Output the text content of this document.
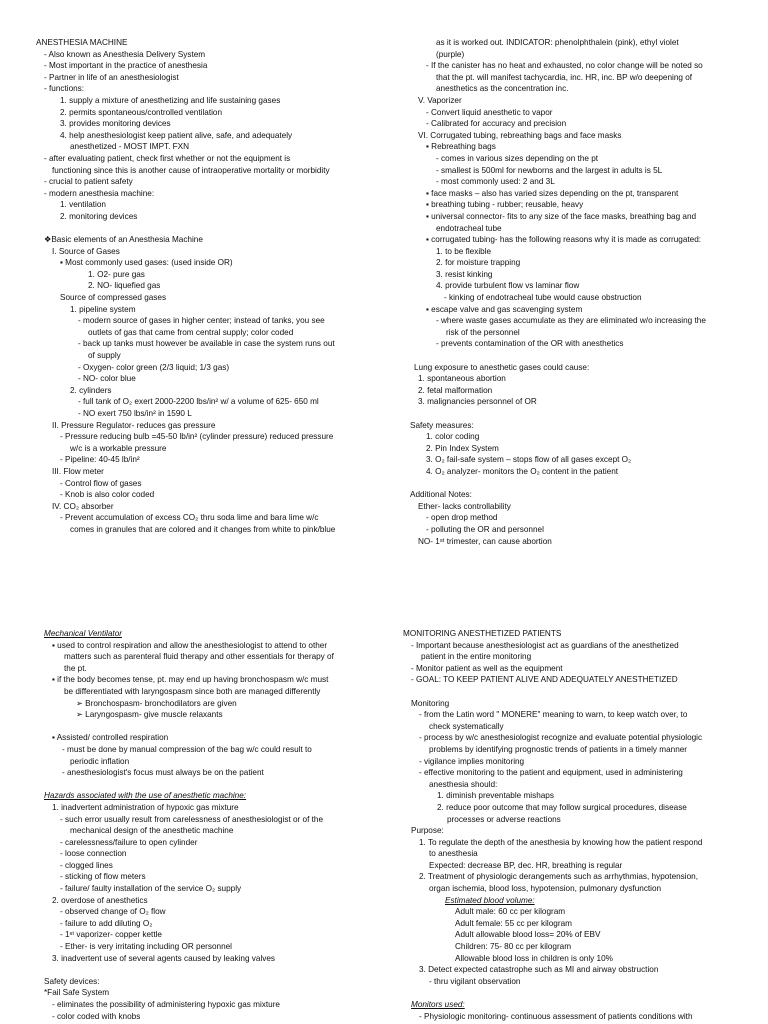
ANESTHESIA MACHINE
- Also known as Anesthesia Delivery System
- Most important in the practice of anesthesia
- Partner in life of an anesthesiologist
- functions:
1. supply a mixture of anesthetizing and life sustaining gases
2. permits spontaneous/controlled ventilation
3. provides monitoring devices
4. help anesthesiologist keep patient alive, safe, and adequately
anesthetized - MOST IMPT. FXN
- after evaluating patient, check first whether or not the equipment is
functioning since this is another cause of intraoperative mortality or morbidity
- crucial to patient safety
- modern anesthesia machine:
1. ventilation
2. monitoring devices

❖Basic elements of an Anesthesia Machine
I. Source of Gases
▪ Most commonly used gases: (used inside OR)
1. O2- pure gas
2. NO- liquefied gas
Source of compressed gases
1. pipeline system
- modern source of gases in higher center; instead of tanks, you see
outlets of gas that came from central supply; color coded
- back up tanks must however be available in case the system runs out
of supply
- Oxygen- color green (2/3 liquid; 1/3 gas)
- NO- color blue
2. cylinders
- full tank of O₂ exert 2000-2200 lbs/in² w/ a volume of 625- 650 ml
- NO exert 750 lbs/in² in 1590 L
II. Pressure Regulator- reduces gas pressure
- Pressure reducing bulb =45-50 lb/in² (cylinder pressure) reduced pressure
w/c is a workable pressure
- Pipeline: 40-45 lb/in²
III. Flow meter
- Control flow of gases
- Knob is also color coded
IV. CO₂ absorber
- Prevent accumulation of excess CO₂ thru soda lime and bara lime w/c
comes in granules that are colored and it changes from white to pink/blue
as it is worked out. INDICATOR: phenolphthalein (pink), ethyl violet
(purple)
- If the canister has no heat and exhausted, no color change will be noted so
that the pt. will manifest tachycardia, inc. HR, inc. BP w/o deepening of
anesthetics as the concentration inc.
V. Vaporizer
- Convert liquid anesthetic to vapor
- Calibrated for accuracy and precision
VI. Corrugated tubing, rebreathing bags and face masks
▪ Rebreathing bags
- comes in various sizes depending on the pt
- smallest is 500ml for newborns and the largest in adults is 5L
- most commonly used: 2 and 3L
▪ face masks – also has varied sizes depending on the pt, transparent
▪ breathing tubing - rubber; reusable, heavy
▪ universal connector- fits to any size of the face masks, breathing bag and
endotracheal tube
▪ corrugated tubing- has the following reasons why it is made as corrugated:
1. to be flexible
2. for moisture trapping
3. resist kinking
4. provide turbulent flow vs laminar flow
- kinking of endotracheal tube would cause obstruction
▪ escape valve and gas scavenging system
- where waste gases accumulate as they are eliminated w/o increasing the
risk of the personnel
- prevents contamination of the OR with anesthetics

Lung exposure to anesthetic gases could cause:
1. spontaneous abortion
2. fetal malformation
3. malignancies personnel of OR

Safety measures:
1. color coding
2. Pin Index System
3. O₂ fail-safe system – stops flow of all gases except O₂
4. O₂ analyzer- monitors the O₂ content in the patient

Additional Notes:
Ether- lacks controllability
- open drop method
- polluting the OR and personnel
NO- 1ˢᵗ trimester, can cause abortion
Mechanical Ventilator
▪ used to control respiration and allow the anesthesiologist to attend to other
matters such as parenteral fluid therapy and other essentials for therapy of
the pt.
▪ if the body becomes tense, pt. may end up having bronchospasm w/c must
be differentiated with laryngospasm since both are managed differently
➢ Bronchospasm- bronchodilators are given
➢ Laryngospasm- give muscle relaxants

▪ Assisted/ controlled respiration
- must be done by manual compression of the bag w/c could result to
periodic inflation
- anesthesiologist's focus must always be on the patient

Hazards associated with the use of anesthetic machine:
1. inadvertent administration of hypoxic gas mixture
- such error usually result from carelessness of anesthesiologist or of the
mechanical design of the anesthetic machine
- carelessness/failure to open cylinder
- loose connection
- clogged lines
- sticking of flow meters
- failure/ faulty installation of the service O₂ supply
2. overdose of anesthetics
- observed change of O₂ flow
- failure to add diluting O₂
- 1ˢᵗ vaporizer- copper kettle
- Ether- is very irritating including OR personnel
3. inadvertent use of several agents caused by leaking valves

Safety devices:
*Fail Safe System
- eliminates the possibility of administering hypoxic gas mixture
- color coded with knobs
MONITORING ANESTHETIZED PATIENTS
- Important because anesthesiologist act as guardians of the anesthetized
patient in the entire monitoring
- Monitor patient as well as the equipment
- GOAL: TO KEEP PATIENT ALIVE AND ADEQUATELY ANESTHETIZED

Monitoring
- from the Latin word " MONERE" meaning to warn, to keep watch over, to
check systematically
- process by w/c anesthesiologist recognize and evaluate potential physiologic
problems by identifying prognostic trends of patients in a timely manner
- vigilance implies monitoring
- effective monitoring to the patient and equipment, used in administering
anesthesia should:
1. diminish preventable mishaps
2. reduce poor outcome that may follow surgical procedures, disease
processes or adverse reactions
Purpose:
1. To regulate the depth of the anesthesia by knowing how the patient respond
to anesthesia
Expected: decrease BP, dec. HR, breathing is regular
2. Treatment of physiologic derangements such as arrhythmias, hypotension,
organ ischemia, blood loss, hypotension, pulmonary dysfunction
Estimated blood volume:
Adult male: 60 cc per kilogram
Adult female: 55 cc per kilogram
Adult allowable blood loss= 20% of EBV
Children: 75- 80 cc per kilogram
Allowable blood loss in children is only 10%
3. Detect expected catastrophe such as MI and airway obstruction
- thru vigilant observation

Monitors used:
- Physiologic monitoring- continuous assessment of patients conditions with
